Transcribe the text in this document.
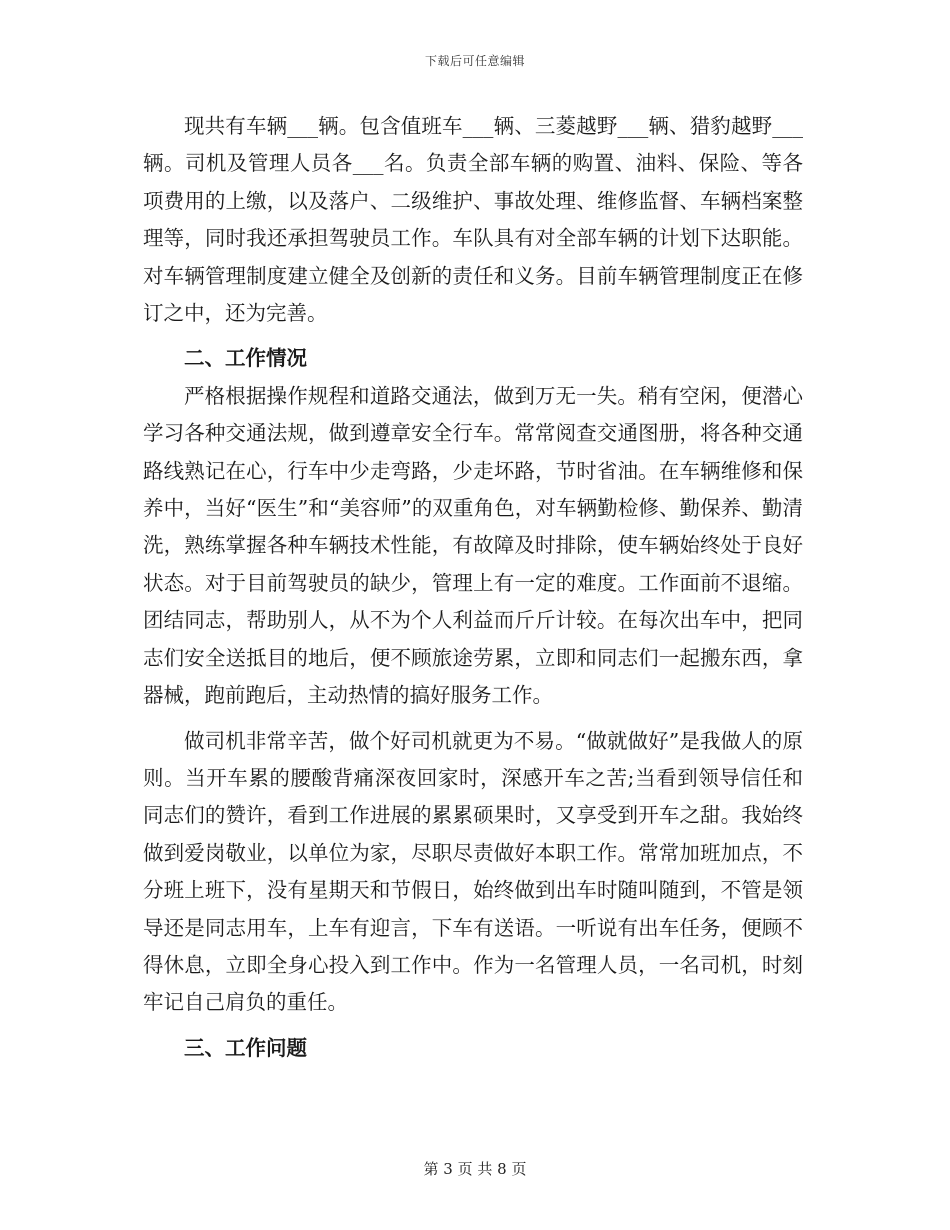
下载后可任意编辑

现共有车辆___辆。包含值班车___辆、三菱越野___辆、猎豹越野___辆。司机及管理人员各___名。负责全部车辆的购置、油料、保险、等各项费用的上缴，以及落户、二级维护、事故处理、维修监督、车辆档案整理等，同时我还承担驾驶员工作。车队具有对全部车辆的计划下达职能。对车辆管理制度建立健全及创新的责任和义务。目前车辆管理制度正在修订之中，还为完善。

二、工作情况

严格根据操作规程和道路交通法，做到万无一失。稍有空闲，便潜心学习各种交通法规，做到遵章安全行车。常常阅查交通图册，将各种交通路线熟记在心，行车中少走弯路，少走坏路，节时省油。在车辆维修和保养中，当好“医生”和“美容师”的双重角色，对车辆勤检修、勤保养、勤清洗，熟练掌握各种车辆技术性能，有故障及时排除，使车辆始终处于良好状态。对于目前驾驶员的缺少，管理上有一定的难度。工作面前不退缩。团结同志，帮助别人，从不为个人利益而斤斤计较。在每次出车中，把同志们安全送抵目的地后，便不顾旅途劳累，立即和同志们一起搬东西，拿器械，跑前跑后，主动热情的搞好服务工作。

做司机非常辛苦，做个好司机就更为不易。“做就做好”是我做人的原则。当开车累的腰酸背痛深夜回家时，深感开车之苦;当看到领导信任和同志们的赞许，看到工作进展的累累硕果时，又享受到开车之甜。我始终做到爱岗敬业，以单位为家，尽职尽责做好本职工作。常常加班加点，不分班上班下，没有星期天和节假日，始终做到出车时随叫随到，不管是领导还是同志用车，上车有迎言，下车有送语。一听说有出车任务，便顾不得休息，立即全身心投入到工作中。作为一名管理人员，一名司机，时刻牢记自己肩负的重任。

三、工作问题

第 3 页 共 8 页
